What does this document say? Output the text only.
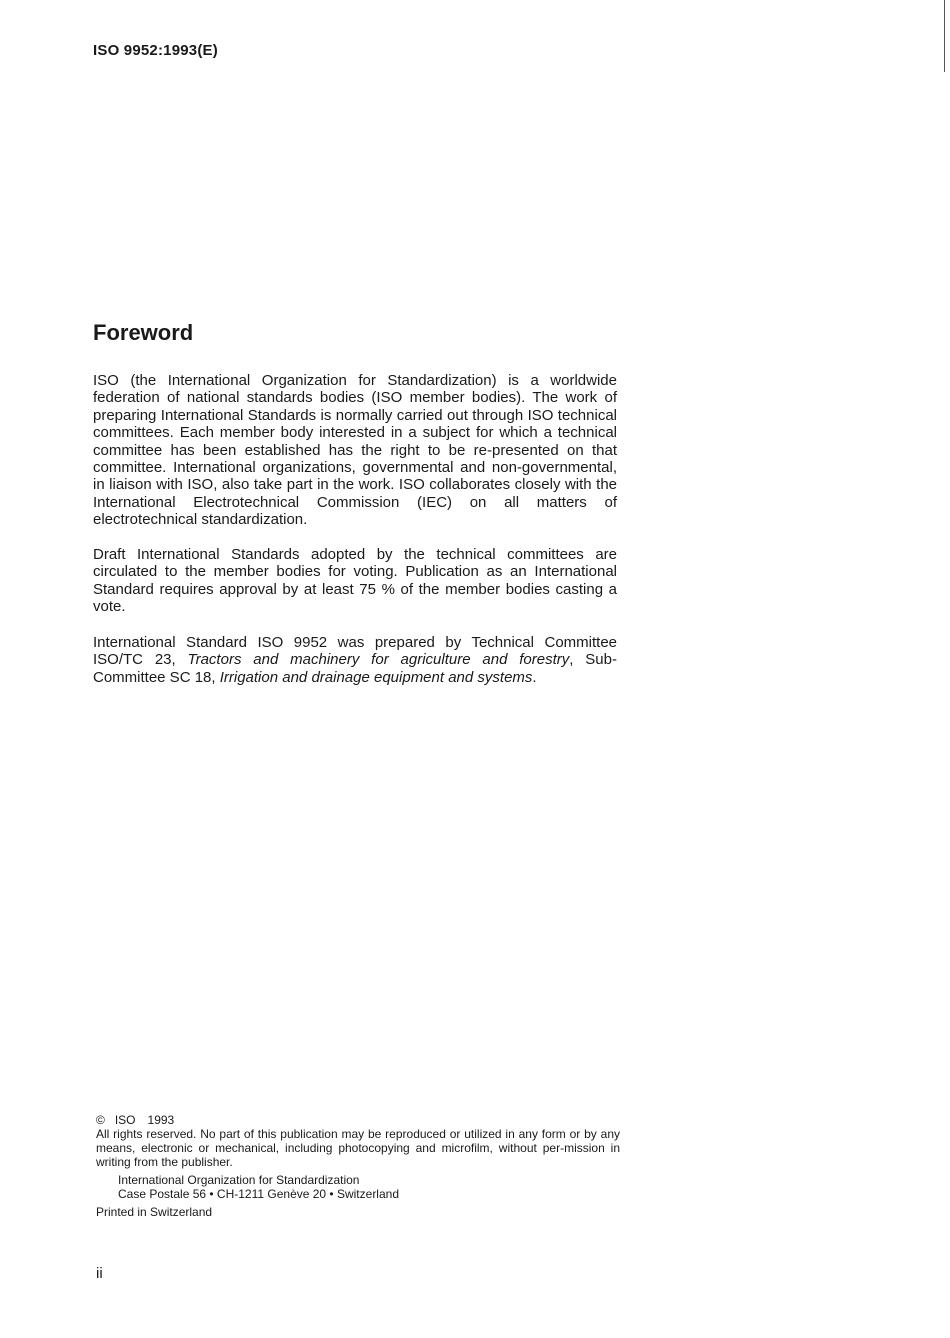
ISO 9952:1993(E)

Foreword

ISO (the International Organization for Standardization) is a worldwide federation of national standards bodies (ISO member bodies). The work of preparing International Standards is normally carried out through ISO technical committees. Each member body interested in a subject for which a technical committee has been established has the right to be re-presented on that committee. International organizations, governmental and non-governmental, in liaison with ISO, also take part in the work. ISO collaborates closely with the International Electrotechnical Commission (IEC) on all matters of electrotechnical standardization.

Draft International Standards adopted by the technical committees are circulated to the member bodies for voting. Publication as an International Standard requires approval by at least 75 % of the member bodies casting a vote.

International Standard ISO 9952 was prepared by Technical Committee ISO/TC 23, Tractors and machinery for agriculture and forestry, Sub-Committee SC 18, Irrigation and drainage equipment and systems.

© ISO 1993
All rights reserved. No part of this publication may be reproduced or utilized in any form or by any means, electronic or mechanical, including photocopying and microfilm, without per-mission in writing from the publisher.
International Organization for Standardization
Case Postale 56 • CH-1211 Genève 20 • Switzerland
Printed in Switzerland

ii
